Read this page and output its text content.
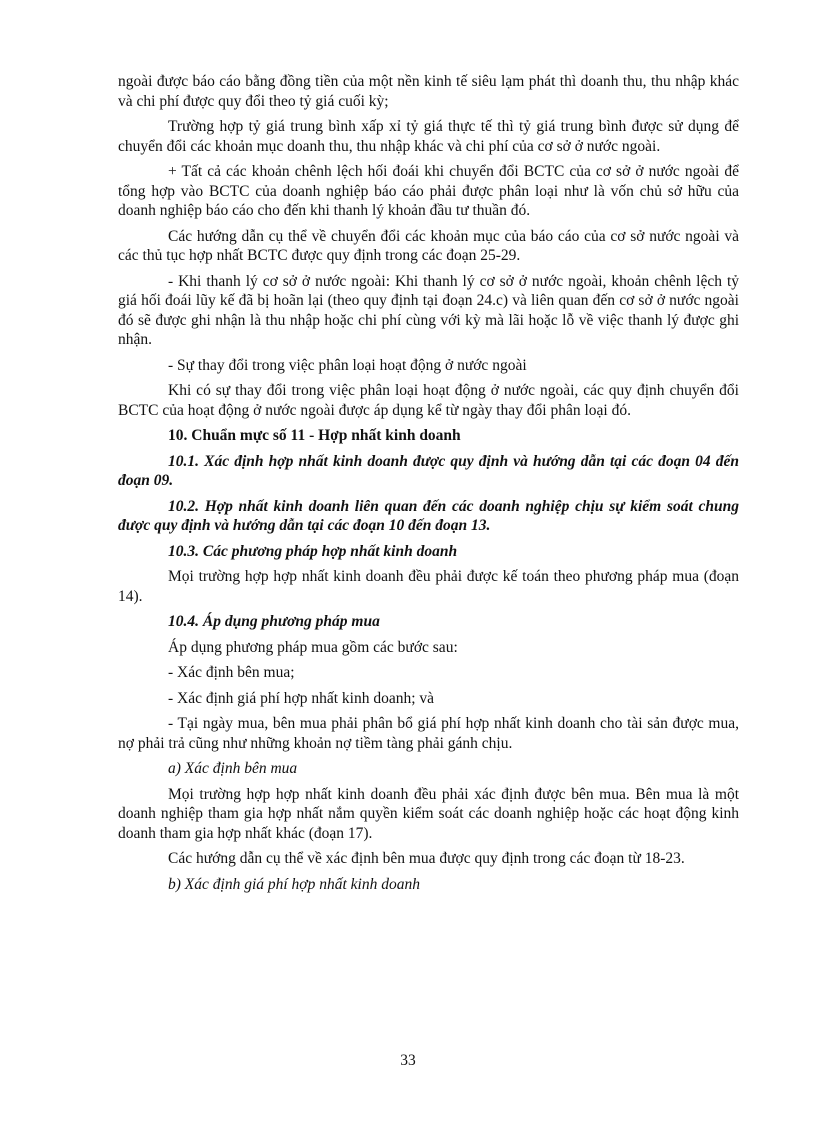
ngoài được báo cáo bằng đồng tiền của một nền kinh tế siêu lạm phát thì doanh thu, thu nhập khác và chi phí được quy đổi theo tỷ giá cuối kỳ;

Trường hợp tỷ giá trung bình xấp xỉ tỷ giá thực tế thì tỷ giá trung bình được sử dụng để chuyển đổi các khoản mục doanh thu, thu nhập khác và chi phí của cơ sở ở nước ngoài.

+ Tất cả các khoản chênh lệch hối đoái khi chuyển đổi BCTC của cơ sở ở nước ngoài để tổng hợp vào BCTC của doanh nghiệp báo cáo phải được phân loại như là vốn chủ sở hữu của doanh nghiệp báo cáo cho đến khi thanh lý khoản đầu tư thuần đó.

Các hướng dẫn cụ thể về chuyển đổi các khoản mục của báo cáo của cơ sở nước ngoài và các thủ tục hợp nhất BCTC được quy định trong các đoạn 25-29.

- Khi thanh lý cơ sở ở nước ngoài: Khi thanh lý cơ sở ở nước ngoài, khoản chênh lệch tỷ giá hối đoái lũy kế đã bị hoãn lại (theo quy định tại đoạn 24.c) và liên quan đến cơ sở ở nước ngoài đó sẽ được ghi nhận là thu nhập hoặc chi phí cùng với kỳ mà lãi hoặc lỗ về việc thanh lý được ghi nhận.

- Sự thay đổi trong việc phân loại hoạt động ở nước ngoài

Khi có sự thay đổi trong việc phân loại hoạt động ở nước ngoài, các quy định chuyển đổi BCTC của hoạt động ở nước ngoài được áp dụng kể từ ngày thay đổi phân loại đó.

10. Chuẩn mực số 11 - Hợp nhất kinh doanh

10.1. Xác định hợp nhất kinh doanh được quy định và hướng dẫn tại các đoạn 04 đến đoạn 09.

10.2. Hợp nhất kinh doanh liên quan đến các doanh nghiệp chịu sự kiểm soát chung được quy định và hướng dẫn tại các đoạn 10 đến đoạn 13.

10.3. Các phương pháp hợp nhất kinh doanh

Mọi trường hợp hợp nhất kinh doanh đều phải được kế toán theo phương pháp mua (đoạn 14).

10.4. Áp dụng phương pháp mua

Áp dụng phương pháp mua gồm các bước sau:

- Xác định bên mua;

- Xác định giá phí hợp nhất kinh doanh; và

- Tại ngày mua, bên mua phải phân bổ giá phí hợp nhất kinh doanh cho tài sản được mua, nợ phải trả cũng như những khoản nợ tiềm tàng phải gánh chịu.

a) Xác định bên mua

Mọi trường hợp hợp nhất kinh doanh đều phải xác định được bên mua. Bên mua là một doanh nghiệp tham gia hợp nhất nắm quyền kiểm soát các doanh nghiệp hoặc các hoạt động kinh doanh tham gia hợp nhất khác (đoạn 17).

Các hướng dẫn cụ thể về xác định bên mua được quy định trong các đoạn từ 18-23.

b) Xác định giá phí hợp nhất kinh doanh

33
